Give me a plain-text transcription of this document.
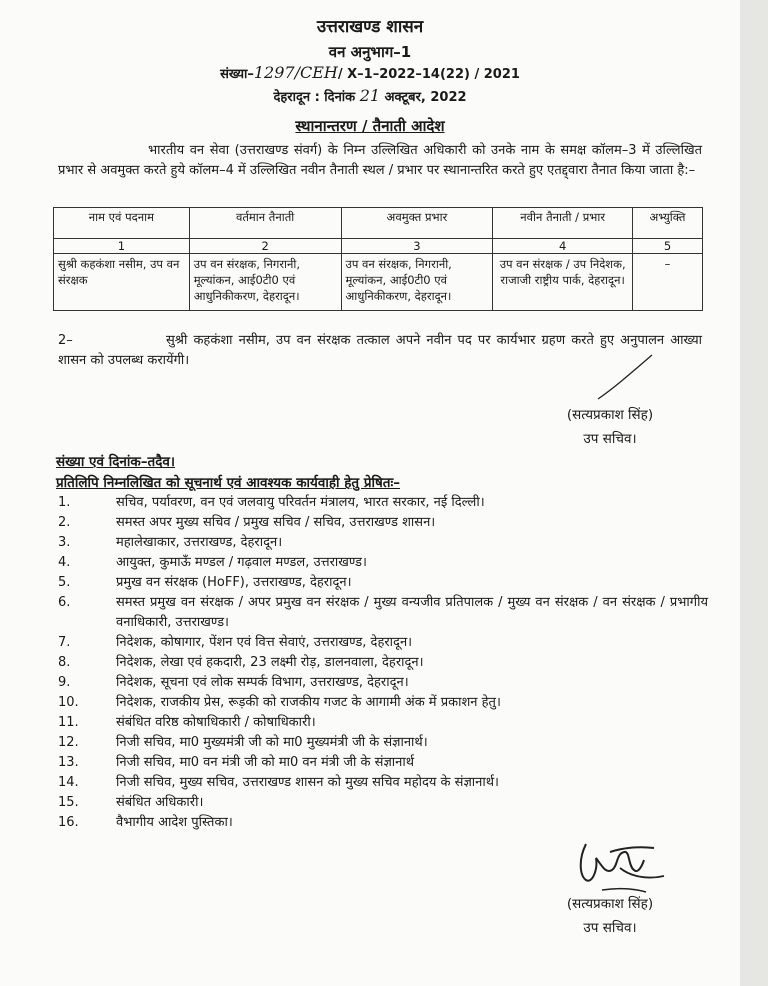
उत्तराखण्ड शासन
वन अनुभाग–1
संख्या–1297/CEH/ X–1–2022–14(22) / 2021
देहरादून : दिनांक 21 अक्टूबर, 2022
स्थानान्तरण / तैनाती आदेश
भारतीय वन सेवा (उत्तराखण्ड संवर्ग) के निम्न उल्लिखित अधिकारी को उनके नाम के समक्ष कॉलम–3 में उल्लिखित प्रभार से अवमुक्त करते हुये कॉलम–4 में उल्लिखित नवीन तैनाती स्थल / प्रभार पर स्थानान्तरित करते हुए एतद्द्वारा तैनात किया जाता है:–
नाम एवं पदनाम	वर्तमान तैनाती	अवमुक्त प्रभार	नवीन तैनाती / प्रभार	अभ्युक्ति
1	2	3	4	5
सुश्री कहकंशा नसीम, उप वन संरक्षक	उप वन संरक्षक, निगरानी, मूल्यांकन, आई0टी0 एवं आधुनिकीकरण, देहरादून।	उप वन संरक्षक, निगरानी, मूल्यांकन, आई0टी0 एवं आधुनिकीकरण, देहरादून।	उप वन संरक्षक / उप निदेशक, राजाजी राष्ट्रीय पार्क, देहरादून।	–
2–	सुश्री कहकंशा नसीम, उप वन संरक्षक तत्काल अपने नवीन पद पर कार्यभार ग्रहण करते हुए अनुपालन आख्या शासन को उपलब्ध करायेंगी।
(सत्यप्रकाश सिंह)
उप सचिव।
संख्या एवं दिनांक–तदैव।
प्रतिलिपि निम्नलिखित को सूचनार्थ एवं आवश्यक कार्यवाही हेतु प्रेषितः–
1.	सचिव, पर्यावरण, वन एवं जलवायु परिवर्तन मंत्रालय, भारत सरकार, नई दिल्ली।
2.	समस्त अपर मुख्य सचिव / प्रमुख सचिव / सचिव, उत्तराखण्ड शासन।
3.	महालेखाकार, उत्तराखण्ड, देहरादून।
4.	आयुक्त, कुमाऊँ मण्डल / गढ़वाल मण्डल, उत्तराखण्ड।
5.	प्रमुख वन संरक्षक (HoFF), उत्तराखण्ड, देहरादून।
6.	समस्त प्रमुख वन संरक्षक / अपर प्रमुख वन संरक्षक / मुख्य वन्यजीव प्रतिपालक / मुख्य वन संरक्षक / वन संरक्षक / प्रभागीय वनाधिकारी, उत्तराखण्ड।
7.	निदेशक, कोषागार, पेंशन एवं वित्त सेवाएं, उत्तराखण्ड, देहरादून।
8.	निदेशक, लेखा एवं हकदारी, 23 लक्ष्मी रोड़, डालनवाला, देहरादून।
9.	निदेशक, सूचना एवं लोक सम्पर्क विभाग, उत्तराखण्ड, देहरादून।
10.	निदेशक, राजकीय प्रेस, रूड़की को राजकीय गजट के आगामी अंक में प्रकाशन हेतु।
11.	संबंधित वरिष्ठ कोषाधिकारी / कोषाधिकारी।
12.	निजी सचिव, मा0 मुख्यमंत्री जी को मा0 मुख्यमंत्री जी के संज्ञानार्थ।
13.	निजी सचिव, मा0 वन मंत्री जी को मा0 वन मंत्री जी के संज्ञानार्थ
14.	निजी सचिव, मुख्य सचिव, उत्तराखण्ड शासन को मुख्य सचिव महोदय के संज्ञानार्थ।
15.	संबंधित अधिकारी।
16.	वैभागीय आदेश पुस्तिका।
(सत्यप्रकाश सिंह)
उप सचिव।
